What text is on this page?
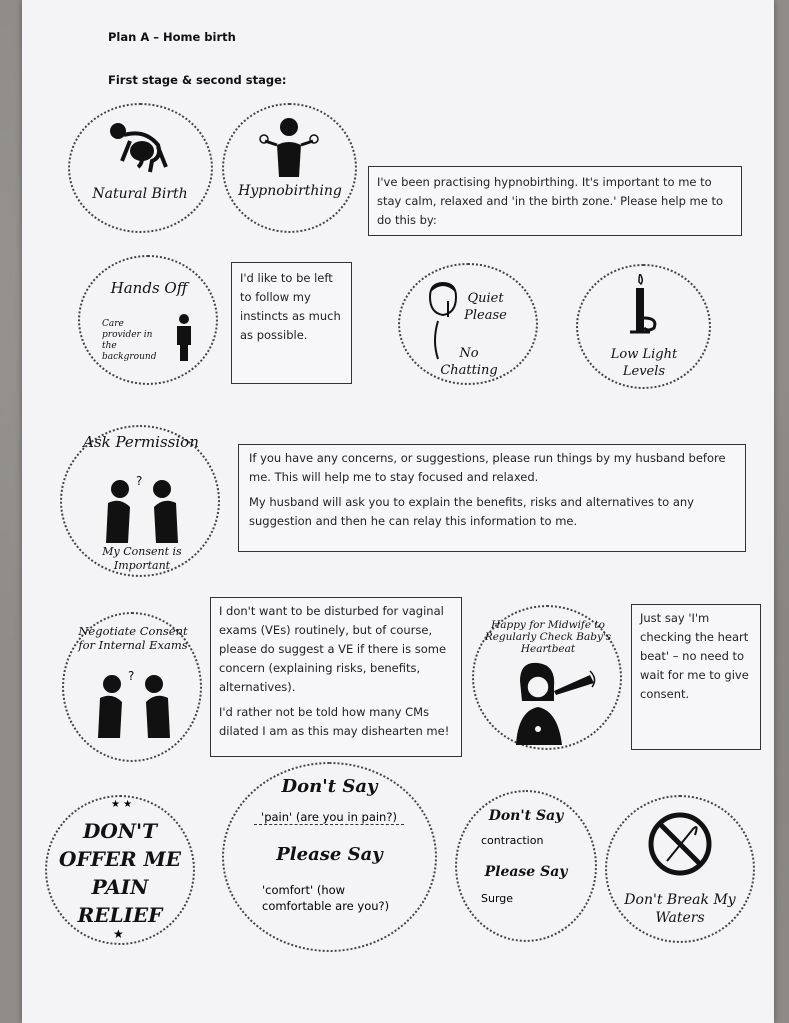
Plan A – Home birth
First stage & second stage:
Natural Birth	Hypnobirthing
I've been practising hypnobirthing. It's important to me to stay calm, relaxed and 'in the birth zone.' Please help me to do this by:
Hands Off
Care provider in the background
I'd like to be left to follow my instincts as much as possible.
Quiet Please
No Chatting
Low Light Levels
Ask Permission
?
My Consent is Important

If you have any concerns, or suggestions, please run things by my husband before me. This will help me to stay focused and relaxed.

My husband will ask you to explain the benefits, risks and alternatives to any suggestion and then he can relay this information to me.

Negotiate Consent for Internal Exams
?

I don't want to be disturbed for vaginal exams (VEs) routinely, but of course, please do suggest a VE if there is some concern (explaining risks, benefits, alternatives).

I'd rather not be told how many CMs dilated I am as this may dishearten me!

Happy for Midwife to Regularly Check Baby's Heartbeat
Just say 'I'm checking the heart beat' – no need to wait for me to give consent.
★ ★
DON'T
OFFER ME
PAIN
RELIEF
★
Don't Say
'pain' (are you in pain?)
Please Say
'comfort' (how comfortable are you?)
Don't Say
contraction
Please Say
Surge	Don't Break My Waters
